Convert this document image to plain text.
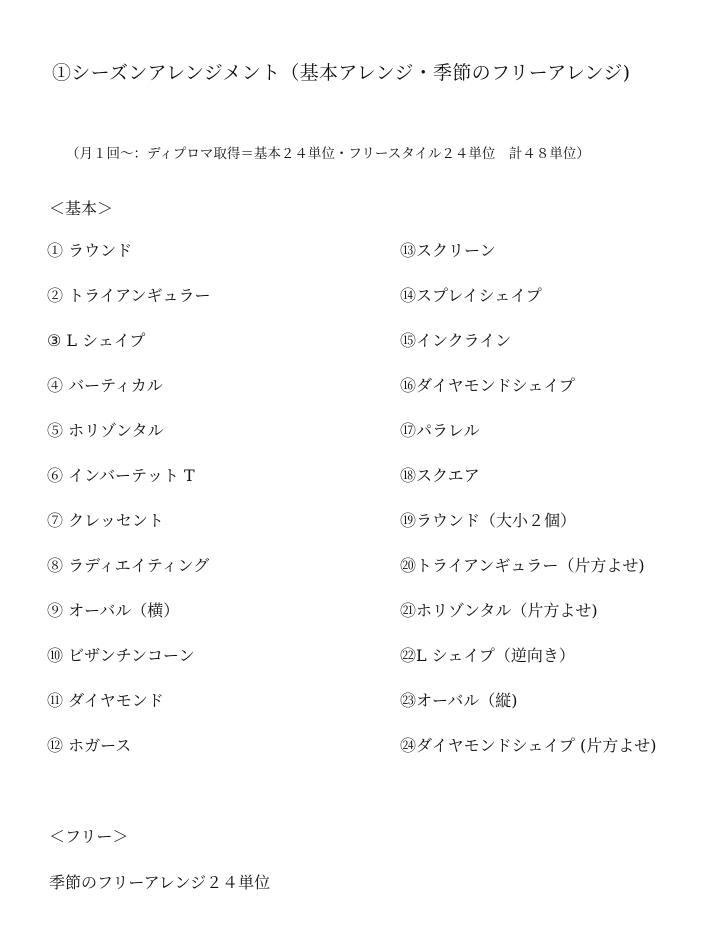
①シーズンアレンジメント（基本アレンジ・季節のフリーアレンジ)
（月１回～：ディプロマ取得＝基本２４単位・フリースタイル２４単位　計４８単位）
＜基本＞
① ラウンド
② トライアンギュラー
③ L シェイプ
④ バーティカル
⑤ ホリゾンタル
⑥ インバーテット T
⑦ クレッセント
⑧ ラディエイティング
⑨ オーバル（横）
⑩ ビザンチンコーン
⑪ ダイヤモンド
⑫ ホガース
⑬スクリーン
⑭スプレイシェイプ
⑮インクライン
⑯ダイヤモンドシェイプ
⑰パラレル
⑱スクエア
⑲ラウンド（大小２個）
⑳トライアンギュラー（片方よせ)
㉑ホリゾンタル（片方よせ)
㉒L シェイプ（逆向き）
㉓オーバル（縦)
㉔ダイヤモンドシェイプ (片方よせ)
＜フリー＞
季節のフリーアレンジ２４単位
